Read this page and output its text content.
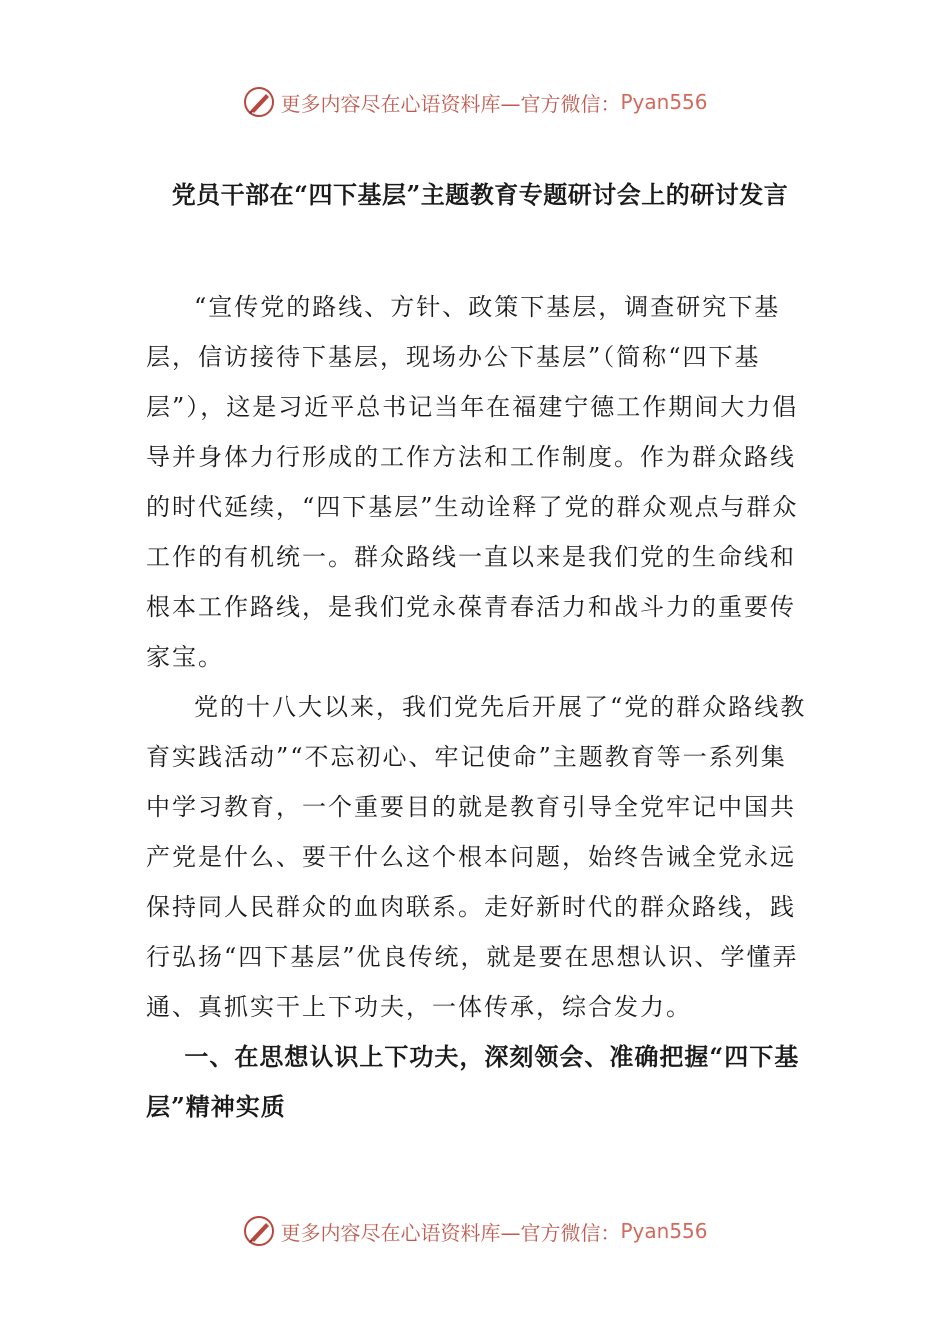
更多内容尽在心语资料库—官方微信： Pyan556
党员干部在“四下基层”主题教育专题研讨会上的研讨发言

“宣传党的路线、方针、政策下基层，调查研究下基层，信访接待下基层，现场办公下基层”（简称“四下基层”），这是习近平总书记当年在福建宁德工作期间大力倡导并身体力行形成的工作方法和工作制度。作为群众路线的时代延续，“四下基层”生动诠释了党的群众观点与群众工作的有机统一。群众路线一直以来是我们党的生命线和根本工作路线，是我们党永葆青春活力和战斗力的重要传家宝。

党的十八大以来，我们党先后开展了“党的群众路线教育实践活动”“不忘初心、牢记使命”主题教育等一系列集中学习教育，一个重要目的就是教育引导全党牢记中国共产党是什么、要干什么这个根本问题，始终告诫全党永远保持同人民群众的血肉联系。走好新时代的群众路线，践行弘扬“四下基层”优良传统，就是要在思想认识、学懂弄通、真抓实干上下功夫，一体传承，综合发力。

一、在思想认识上下功夫，深刻领会、准确把握“四下基层”精神实质
更多内容尽在心语资料库—官方微信： Pyan556
